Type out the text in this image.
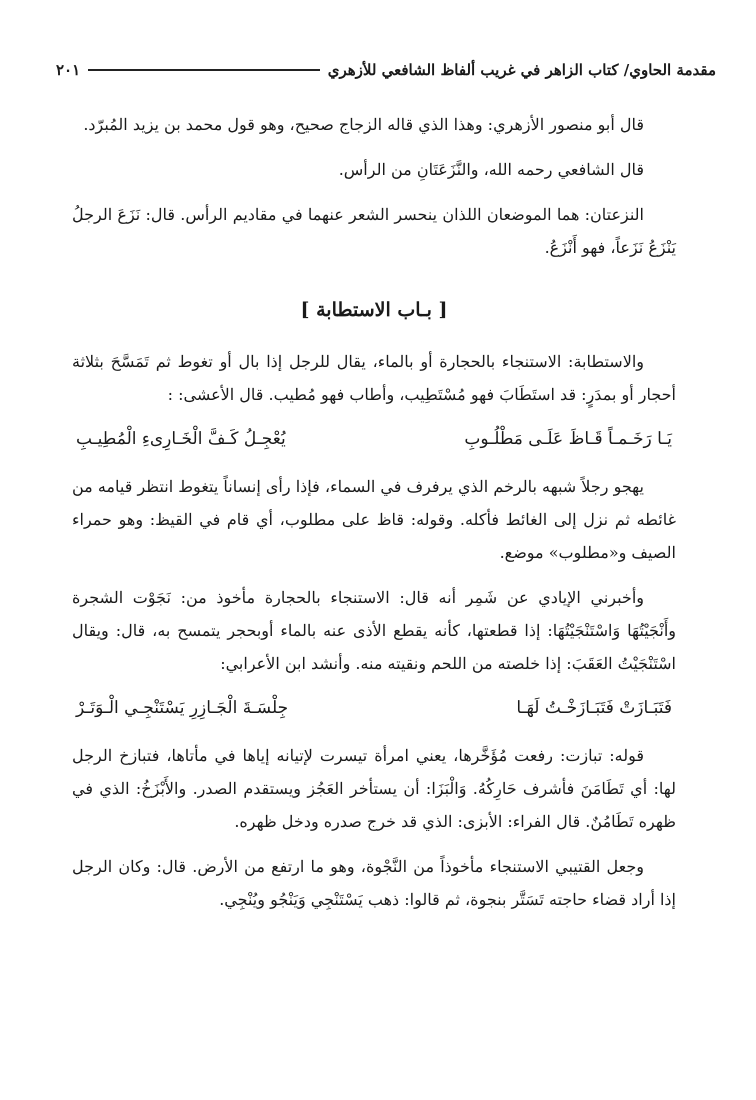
مقدمة الحاوي/ كتاب الزاهر في غريب ألفاظ الشافعي للأزهري
٢٠١

قال أبو منصور الأزهري: وهذا الذي قاله الزجاج صحيح، وهو قول محمد بن يزيد المُبرّد.

قال الشافعي رحمه الله، والنَّزَعَتَانِ من الرأس.

النزعتان: هما الموضعان اللذان ينحسر الشعر عنهما في مقاديم الرأس. قال: نَزَعَ الرجلُ يَنْزَعُ نَزَعاً، فهو أَنْزَعُ.

[ بـاب الاستطابة ]

والاستطابة: الاستنجاء بالحجارة أو بالماء، يقال للرجل إذا بال أو تغوط ثم تَمَسَّحَ بثلاثة أحجار أو بمدَرٍ: قد استَطَابَ فهو مُسْتَطِيب، وأطاب فهو مُطيب. قال الأعشى: :

يَـا رَخَـمـاً قَـاظَ عَلَـى مَطْلُـوبِ
يُعْجِـلُ كَـفَّ الْخَـارِىءِ الْمُطِيـبِ

يهجو رجلاً شبهه بالرخم الذي يرفرف في السماء، فإذا رأى إنساناً يتغوط انتظر قيامه من غائطه ثم نزل إلى الغائط فأكله. وقوله: قاظ على مطلوب، أي قام في القيظ: وهو حمراء الصيف و«مطلوب» موضع.

وأخبرني الإيادي عن شَمِر أنه قال: الاستنجاء بالحجارة مأخوذ من: نَجَوْت الشجرة وأَنْجَيْتُهَا وَاسْتَنْجَيْتُهَا: إذا قطعتها، كأنه يقطع الأذى عنه بالماء أوبحجر يتمسح به، قال: ويقال اسْتَنْجَيْتُ العَقَبَ: إذا خلصته من اللحم ونقيته منه. وأنشد ابن الأعرابي:

فَتَبَـازَتْ فَتَبَـازَخْـتُ لَهَـا
جِلْسَـةَ الْجَـازِرِ يَسْتَنْجِـي الْـوَتَـرْ

قوله: تبازت: رفعت مُؤَخَّرها، يعني امرأة تيسرت لإتيانه إياها في مأتاها، فتبازخ الرجل لها: أي تَطَامَنَ فأشرف حَارِكُهُ. وَالْبَزَا: أن يستأخر العَجُز ويستقدم الصدر. والأَبْزَخُ: الذي في ظهره تَطَامُنٌ. قال الفراء: الأبزى: الذي قد خرج صدره ودخل ظهره.

وجعل القتيبي الاستنجاء مأخوذاً من النَّجْوة، وهو ما ارتفع من الأرض. قال: وكان الرجل إذا أراد قضاء حاجته تَسَتَّر بنجوة، ثم قالوا: ذهب يَسْتَنْجِي وَيَنْجُو ويُنْجِي.
